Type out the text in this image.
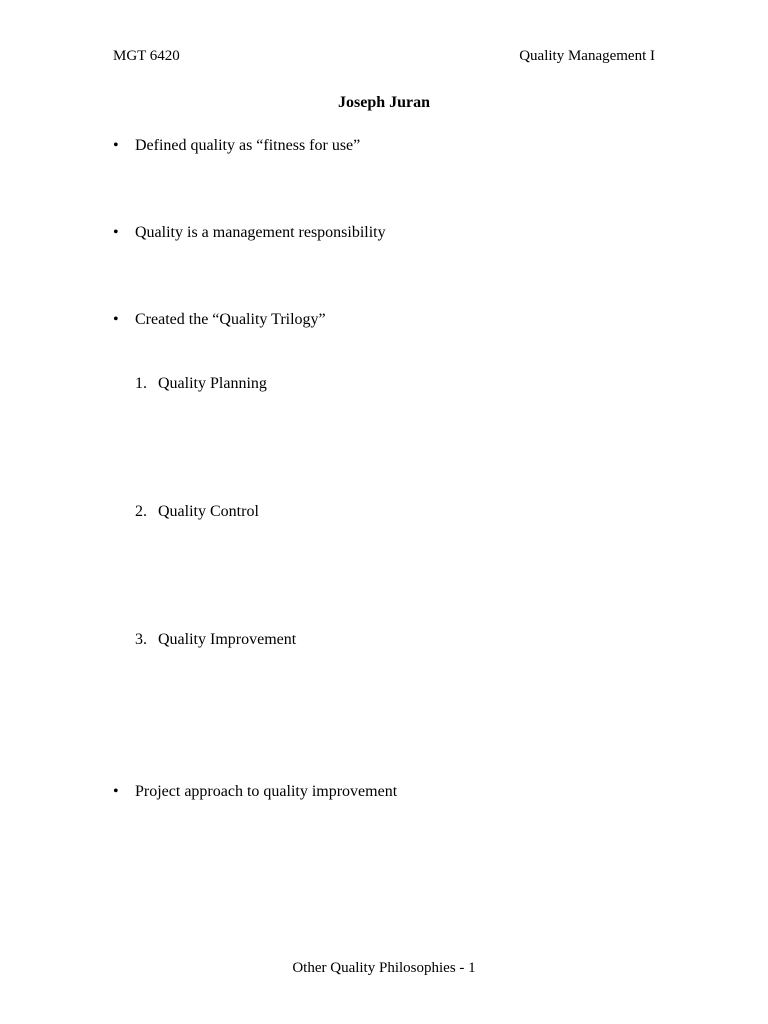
MGT 6420	Quality Management I
Joseph Juran
• Defined quality as “fitness for use”
• Quality is a management responsibility
• Created the “Quality Trilogy”
1. Quality Planning
2. Quality Control
3. Quality Improvement
• Project approach to quality improvement
Other Quality Philosophies - 1
